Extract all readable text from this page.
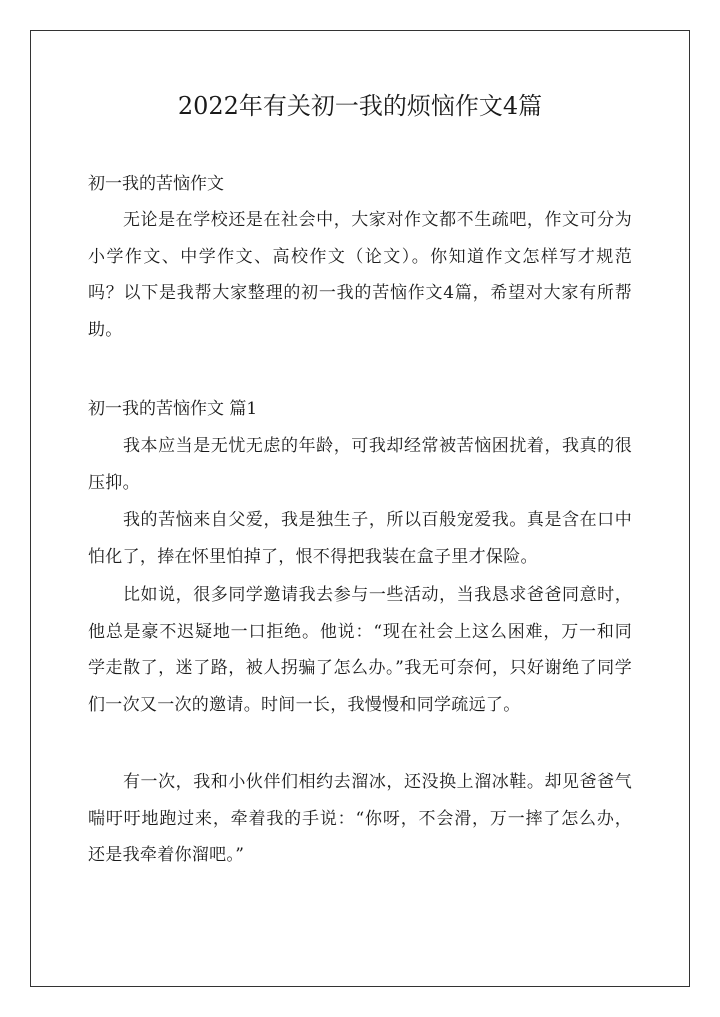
2022年有关初一我的烦恼作文4篇

初一我的苦恼作文

无论是在学校还是在社会中，大家对作文都不生疏吧，作文可分为小学作文、中学作文、高校作文（论文）。你知道作文怎样写才规范吗？以下是我帮大家整理的初一我的苦恼作文4篇，希望对大家有所帮助。

初一我的苦恼作文 篇1

我本应当是无忧无虑的年龄，可我却经常被苦恼困扰着，我真的很压抑。

我的苦恼来自父爱，我是独生子，所以百般宠爱我。真是含在口中怕化了，捧在怀里怕掉了，恨不得把我装在盒子里才保险。

比如说，很多同学邀请我去参与一些活动，当我恳求爸爸同意时，他总是豪不迟疑地一口拒绝。他说：“现在社会上这么困难，万一和同学走散了，迷了路，被人拐骗了怎么办。”我无可奈何，只好谢绝了同学们一次又一次的邀请。时间一长，我慢慢和同学疏远了。

有一次，我和小伙伴们相约去溜冰，还没换上溜冰鞋。却见爸爸气喘吁吁地跑过来，牵着我的手说：“你呀，不会滑，万一摔了怎么办，还是我牵着你溜吧。”
